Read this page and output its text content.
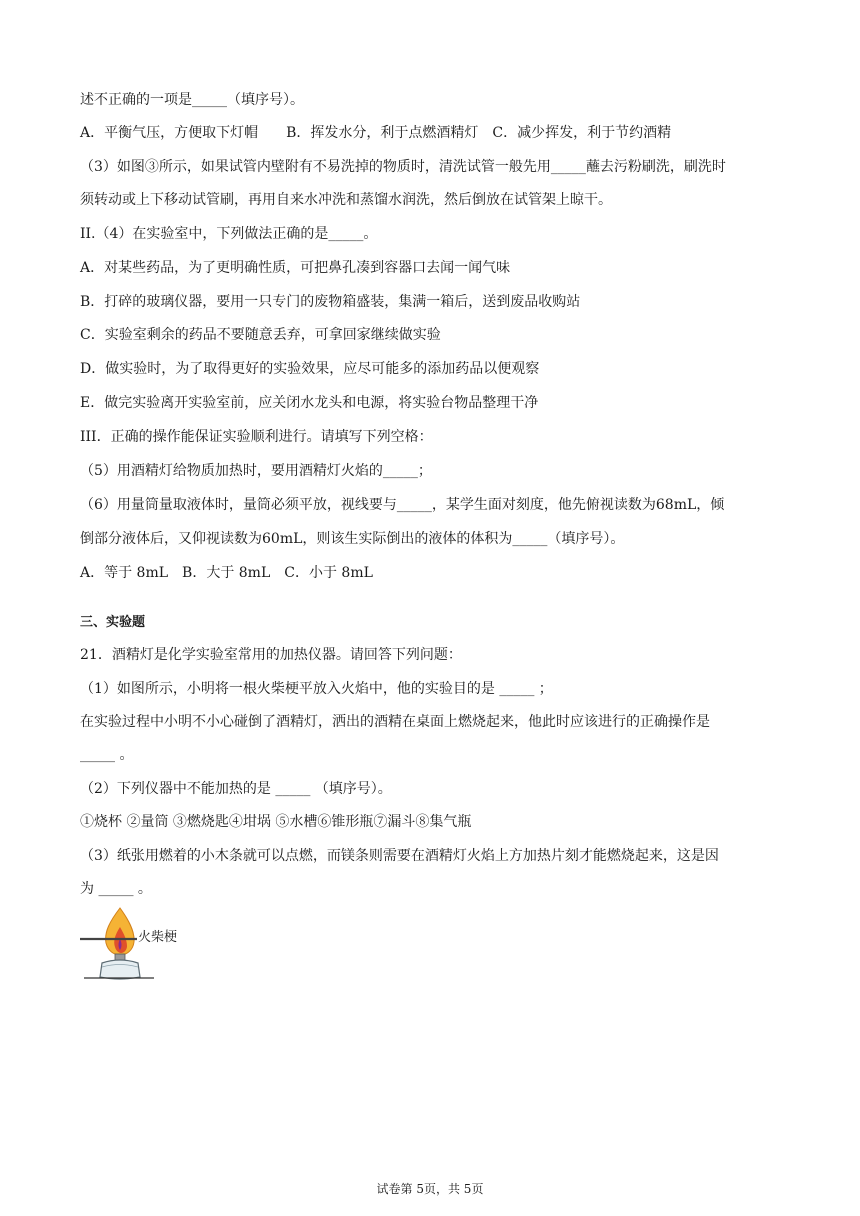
述不正确的一项是_____（填序号）。
A．平衡气压，方便取下灯帽　　B．挥发水分，利于点燃酒精灯　C．减少挥发，利于节约酒精
（3）如图③所示，如果试管内壁附有不易洗掉的物质时，清洗试管一般先用_____蘸去污粉刷洗，刷洗时
须转动或上下移动试管刷，再用自来水冲洗和蒸馏水润洗，然后倒放在试管架上晾干。
II.（4）在实验室中，下列做法正确的是_____。
A．对某些药品，为了更明确性质，可把鼻孔凑到容器口去闻一闻气味
B．打碎的玻璃仪器，要用一只专门的废物箱盛装，集满一箱后，送到废品收购站
C．实验室剩余的药品不要随意丢弃，可拿回家继续做实验
D．做实验时，为了取得更好的实验效果，应尽可能多的添加药品以便观察
E．做完实验离开实验室前，应关闭水龙头和电源，将实验台物品整理干净
III．正确的操作能保证实验顺利进行。请填写下列空格：
（5）用酒精灯给物质加热时，要用酒精灯火焰的_____；
（6）用量筒量取液体时，量筒必须平放，视线要与_____，某学生面对刻度，他先俯视读数为68mL，倾
倒部分液体后，又仰视读数为60mL，则该生实际倒出的液体的体积为_____（填序号）。
A．等于 8mL　B．大于 8mL　C．小于 8mL
三、实验题
21．酒精灯是化学实验室常用的加热仪器。请回答下列问题：
（1）如图所示，小明将一根火柴梗平放入火焰中，他的实验目的是 _____ ；
在实验过程中小明不小心碰倒了酒精灯，洒出的酒精在桌面上燃烧起来，他此时应该进行的正确操作是
_____ 。
（2）下列仪器中不能加热的是 _____ （填序号）。
①烧杯 ②量筒 ③燃烧匙④坩埚 ⑤水槽⑥锥形瓶⑦漏斗⑧集气瓶
（3）纸张用燃着的小木条就可以点燃，而镁条则需要在酒精灯火焰上方加热片刻才能燃烧起来，这是因
为 _____ 。
火柴梗
试卷第 5页，共 5页
